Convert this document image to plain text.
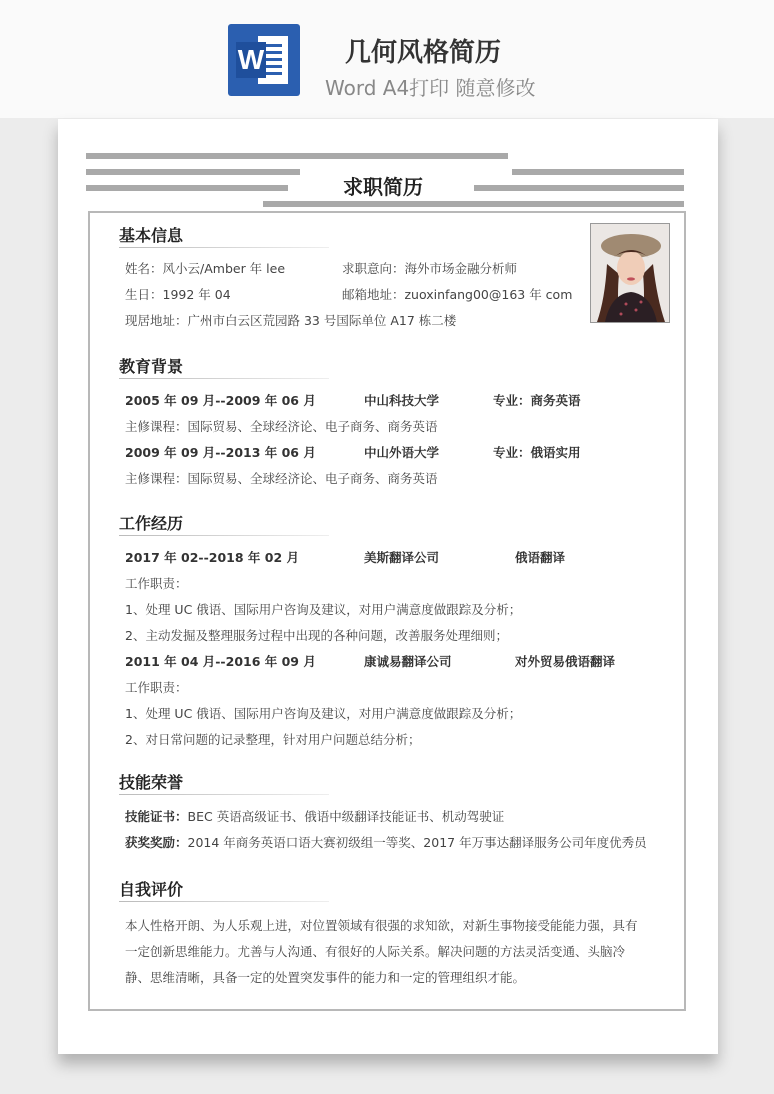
W	几何风格简历
Word A4打印 随意修改
求职简历
基本信息
姓名：风小云/Amber 年 lee	求职意向：海外市场金融分析师
生日：1992 年 04	邮箱地址：zuoxinfang00@163 年 com
现居地址：广州市白云区荒园路 33 号国际单位 A17 栋二楼
教育背景
2005 年 09 月--2009 年 06 月	中山科技大学	专业：商务英语
主修课程：国际贸易、全球经济论、电子商务、商务英语
2009 年 09 月--2013 年 06 月	中山外语大学	专业：俄语实用
主修课程：国际贸易、全球经济论、电子商务、商务英语
工作经历
2017 年 02--2018 年 02 月	美斯翻译公司	俄语翻译
工作职责：
1、处理 UC 俄语、国际用户咨询及建议，对用户满意度做跟踪及分析；
2、主动发掘及整理服务过程中出现的各种问题，改善服务处理细则；
2011 年 04 月--2016 年 09 月	康诚易翻译公司	对外贸易俄语翻译
工作职责：
1、处理 UC 俄语、国际用户咨询及建议，对用户满意度做跟踪及分析；
2、对日常问题的记录整理，针对用户问题总结分析；
技能荣誉
技能证书：BEC 英语高级证书、俄语中级翻译技能证书、机动驾驶证
获奖奖励：2014 年商务英语口语大赛初级组一等奖、2017 年万事达翻译服务公司年度优秀员
自我评价
本人性格开朗、为人乐观上进，对位置领域有很强的求知欲，对新生事物接受能能力强，具有一定创新思维能力。尤善与人沟通、有很好的人际关系。解决问题的方法灵活变通、头脑冷静、思维清晰，具备一定的处置突发事件的能力和一定的管理组织才能。
